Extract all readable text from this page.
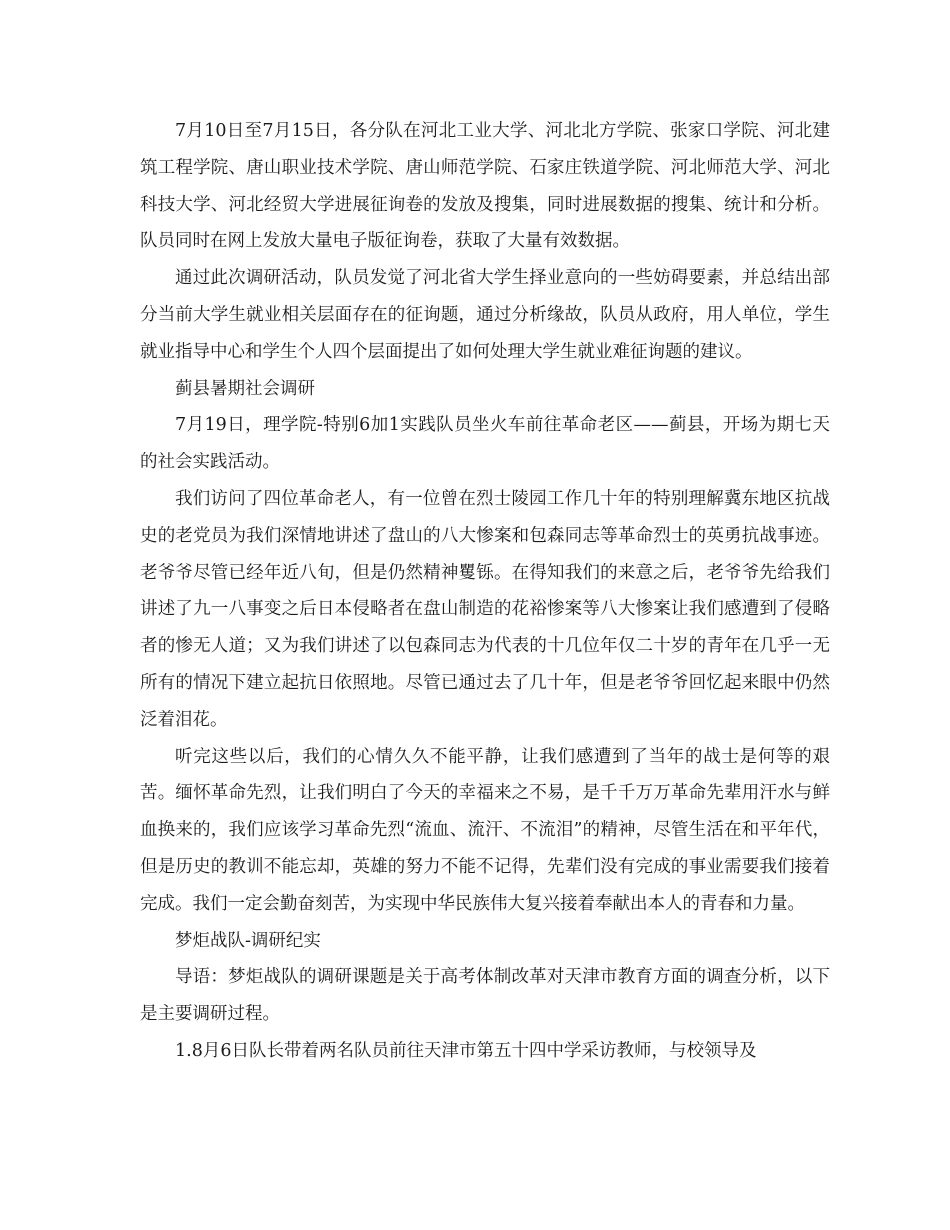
7月10日至7月15日，各分队在河北工业大学、河北北方学院、张家口学院、河北建筑工程学院、唐山职业技术学院、唐山师范学院、石家庄铁道学院、河北师范大学、河北科技大学、河北经贸大学进展征询卷的发放及搜集，同时进展数据的搜集、统计和分析。队员同时在网上发放大量电子版征询卷，获取了大量有效数据。

通过此次调研活动，队员发觉了河北省大学生择业意向的一些妨碍要素，并总结出部分当前大学生就业相关层面存在的征询题，通过分析缘故，队员从政府，用人单位，学生就业指导中心和学生个人四个层面提出了如何处理大学生就业难征询题的建议。

蓟县暑期社会调研

7月19日，理学院-特别6加1实践队员坐火车前往革命老区——蓟县，开场为期七天的社会实践活动。

我们访问了四位革命老人，有一位曾在烈士陵园工作几十年的特别理解冀东地区抗战史的老党员为我们深情地讲述了盘山的八大惨案和包森同志等革命烈士的英勇抗战事迹。老爷爷尽管已经年近八旬，但是仍然精神矍铄。在得知我们的来意之后，老爷爷先给我们讲述了九一八事变之后日本侵略者在盘山制造的花裕惨案等八大惨案让我们感遭到了侵略者的惨无人道；又为我们讲述了以包森同志为代表的十几位年仅二十岁的青年在几乎一无所有的情况下建立起抗日依照地。尽管已通过去了几十年，但是老爷爷回忆起来眼中仍然泛着泪花。

听完这些以后，我们的心情久久不能平静，让我们感遭到了当年的战士是何等的艰苦。缅怀革命先烈，让我们明白了今天的幸福来之不易，是千千万万革命先辈用汗水与鲜血换来的，我们应该学习革命先烈“流血、流汗、不流泪”的精神，尽管生活在和平年代，但是历史的教训不能忘却，英雄的努力不能不记得，先辈们没有完成的事业需要我们接着完成。我们一定会勤奋刻苦，为实现中华民族伟大复兴接着奉献出本人的青春和力量。

梦炬战队-调研纪实

导语：梦炬战队的调研课题是关于高考体制改革对天津市教育方面的调查分析，以下是主要调研过程。

1.8月6日队长带着两名队员前往天津市第五十四中学采访教师，与校领导及
